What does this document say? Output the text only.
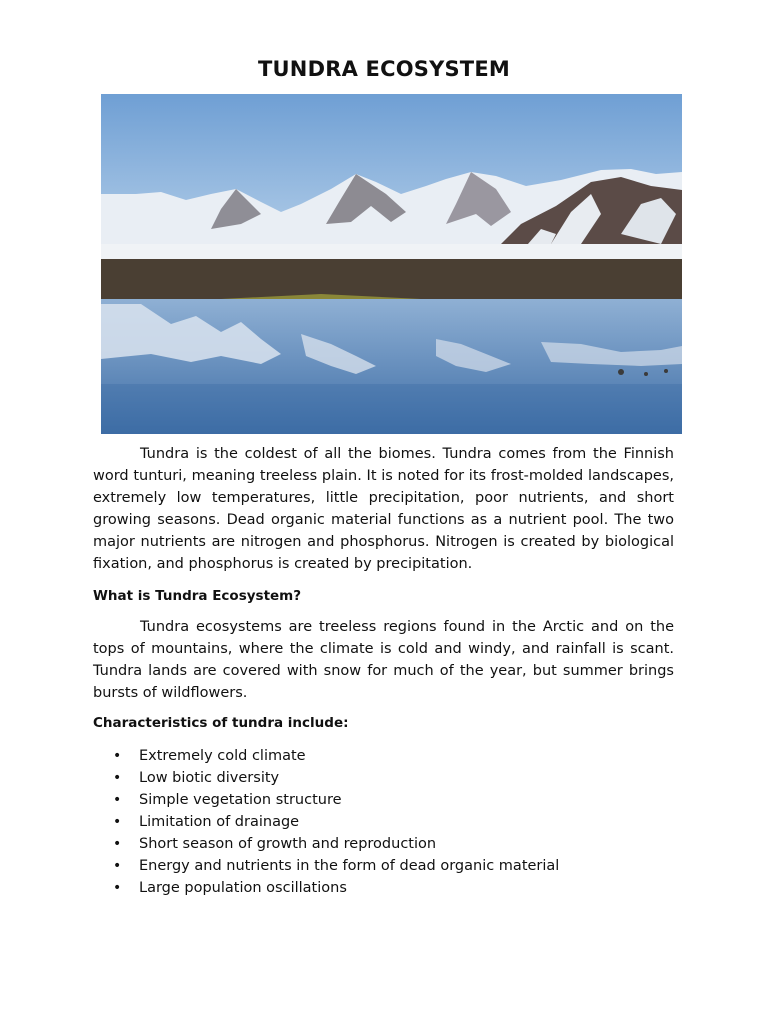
TUNDRA ECOSYSTEM

Tundra is the coldest of all the biomes. Tundra comes from the Finnish word tunturi, meaning treeless plain. It is noted for its frost-molded landscapes, extremely low temperatures, little precipitation, poor nutrients, and short growing seasons. Dead organic material functions as a nutrient pool. The two major nutrients are nitrogen and phosphorus. Nitrogen is created by biological fixation, and phosphorus is created by precipitation.

What is Tundra Ecosystem?

Tundra ecosystems are treeless regions found in the Arctic and on the tops of mountains, where the climate is cold and windy, and rainfall is scant. Tundra lands are covered with snow for much of the year, but summer brings bursts of wildflowers.

Characteristics of tundra include:
• Extremely cold climate
• Low biotic diversity
• Simple vegetation structure
• Limitation of drainage
• Short season of growth and reproduction
• Energy and nutrients in the form of dead organic material
• Large population oscillations
